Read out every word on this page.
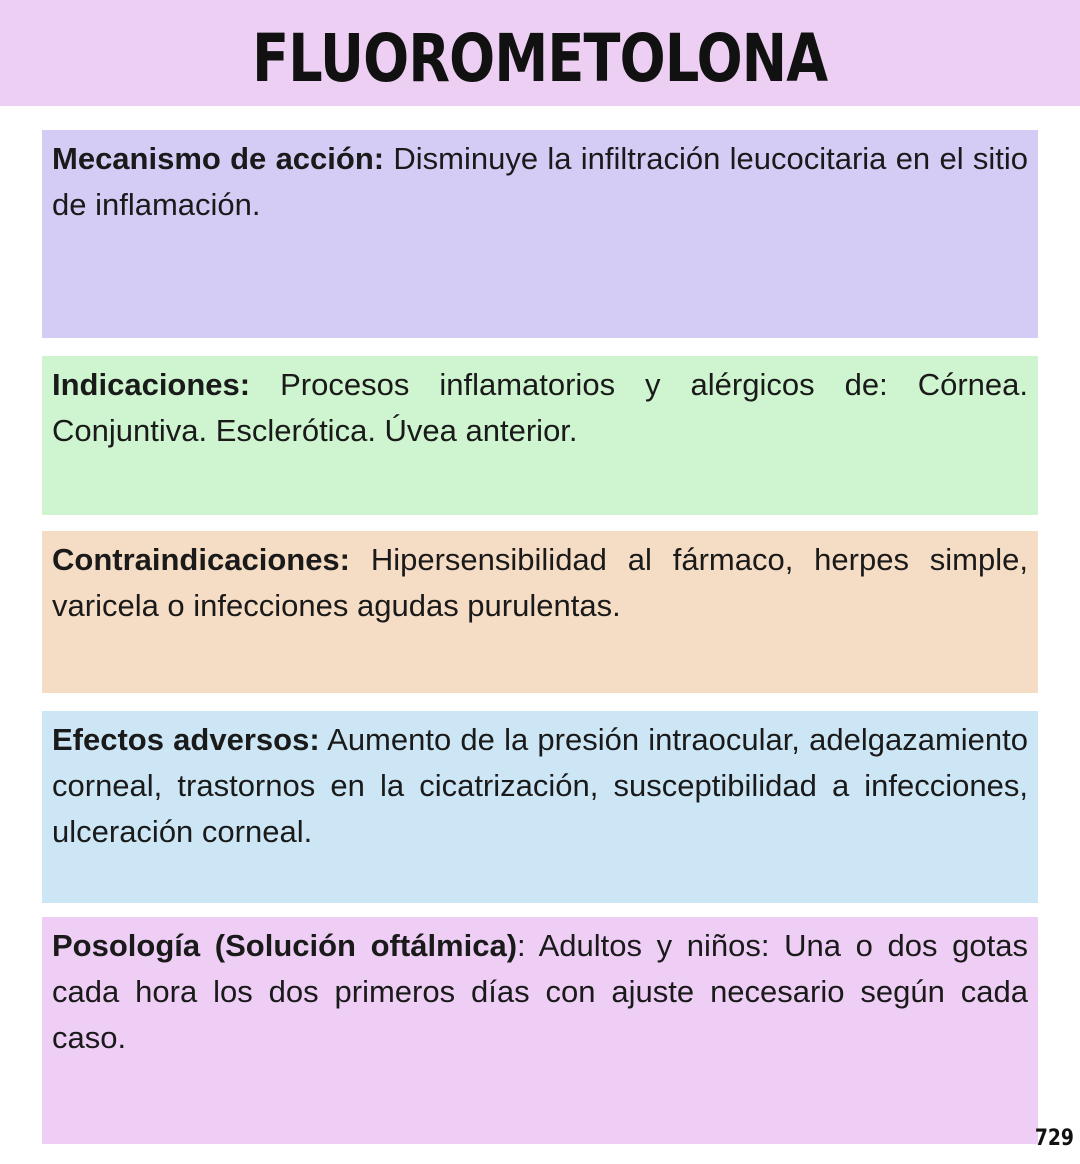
FLUOROMETOLONA

Mecanismo de acción: Disminuye la infiltración leucocitaria en el sitio de inflamación.

Indicaciones: Procesos inflamatorios y alérgicos de: Córnea. Conjuntiva. Esclerótica. Úvea anterior.

Contraindicaciones: Hipersensibilidad al fármaco, herpes simple, varicela o infecciones agudas purulentas.

Efectos adversos: Aumento de la presión intraocular, adelgazamiento corneal, trastornos en la cicatrización, susceptibilidad a infecciones, ulceración corneal.

Posología (Solución oftálmica): Adultos y niños: Una o dos gotas cada hora los dos primeros días con ajuste necesario según cada caso.

729
